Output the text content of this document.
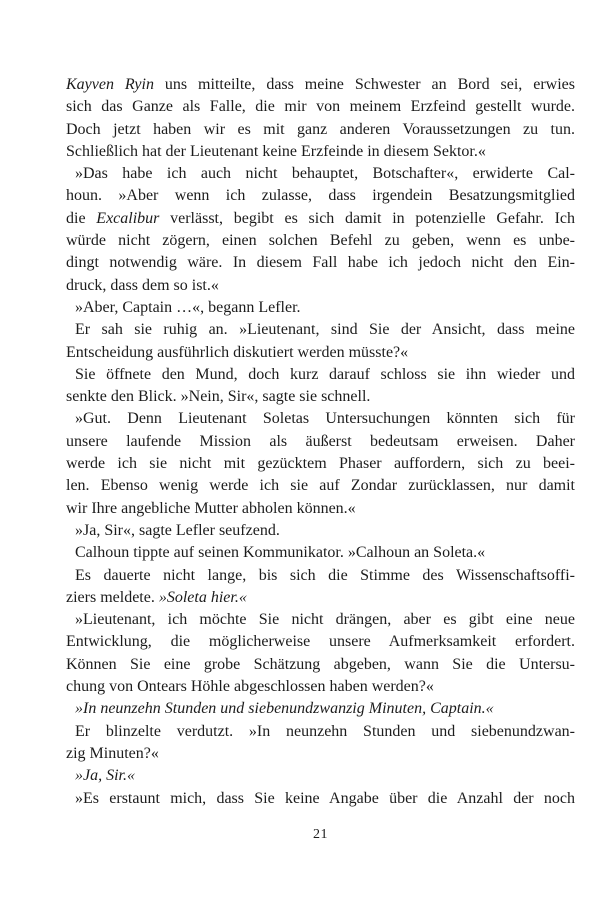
Kayven Ryin uns mitteilte, dass meine Schwester an Bord sei, erwies
sich das Ganze als Falle, die mir von meinem Erzfeind gestellt wurde.
Doch jetzt haben wir es mit ganz anderen Voraussetzungen zu tun.
Schließlich hat der Lieutenant keine Erzfeinde in diesem Sektor.«
»Das habe ich auch nicht behauptet, Botschafter«, erwiderte Cal-
houn. »Aber wenn ich zulasse, dass irgendein Besatzungsmitglied
die Excalibur verlässt, begibt es sich damit in potenzielle Gefahr. Ich
würde nicht zögern, einen solchen Befehl zu geben, wenn es unbe-
dingt notwendig wäre. In diesem Fall habe ich jedoch nicht den Ein-
druck, dass dem so ist.«
»Aber, Captain …«, begann Lefler.
Er sah sie ruhig an. »Lieutenant, sind Sie der Ansicht, dass meine
Entscheidung ausführlich diskutiert werden müsste?«
Sie öffnete den Mund, doch kurz darauf schloss sie ihn wieder und
senkte den Blick. »Nein, Sir«, sagte sie schnell.
»Gut. Denn Lieutenant Soletas Untersuchungen könnten sich für
unsere laufende Mission als äußerst bedeutsam erweisen. Daher
werde ich sie nicht mit gezücktem Phaser auffordern, sich zu beei-
len. Ebenso wenig werde ich sie auf Zondar zurücklassen, nur damit
wir Ihre angebliche Mutter abholen können.«
»Ja, Sir«, sagte Lefler seufzend.
Calhoun tippte auf seinen Kommunikator. »Calhoun an Soleta.«
Es dauerte nicht lange, bis sich die Stimme des Wissenschaftsoffi-
ziers meldete. »Soleta hier.«
»Lieutenant, ich möchte Sie nicht drängen, aber es gibt eine neue
Entwicklung, die möglicherweise unsere Aufmerksamkeit erfordert.
Können Sie eine grobe Schätzung abgeben, wann Sie die Untersu-
chung von Ontears Höhle abgeschlossen haben werden?«
»In neunzehn Stunden und siebenundzwanzig Minuten, Captain.«
Er blinzelte verdutzt. »In neunzehn Stunden und siebenundzwan-
zig Minuten?«
»Ja, Sir.«
»Es erstaunt mich, dass Sie keine Angabe über die Anzahl der noch
21
